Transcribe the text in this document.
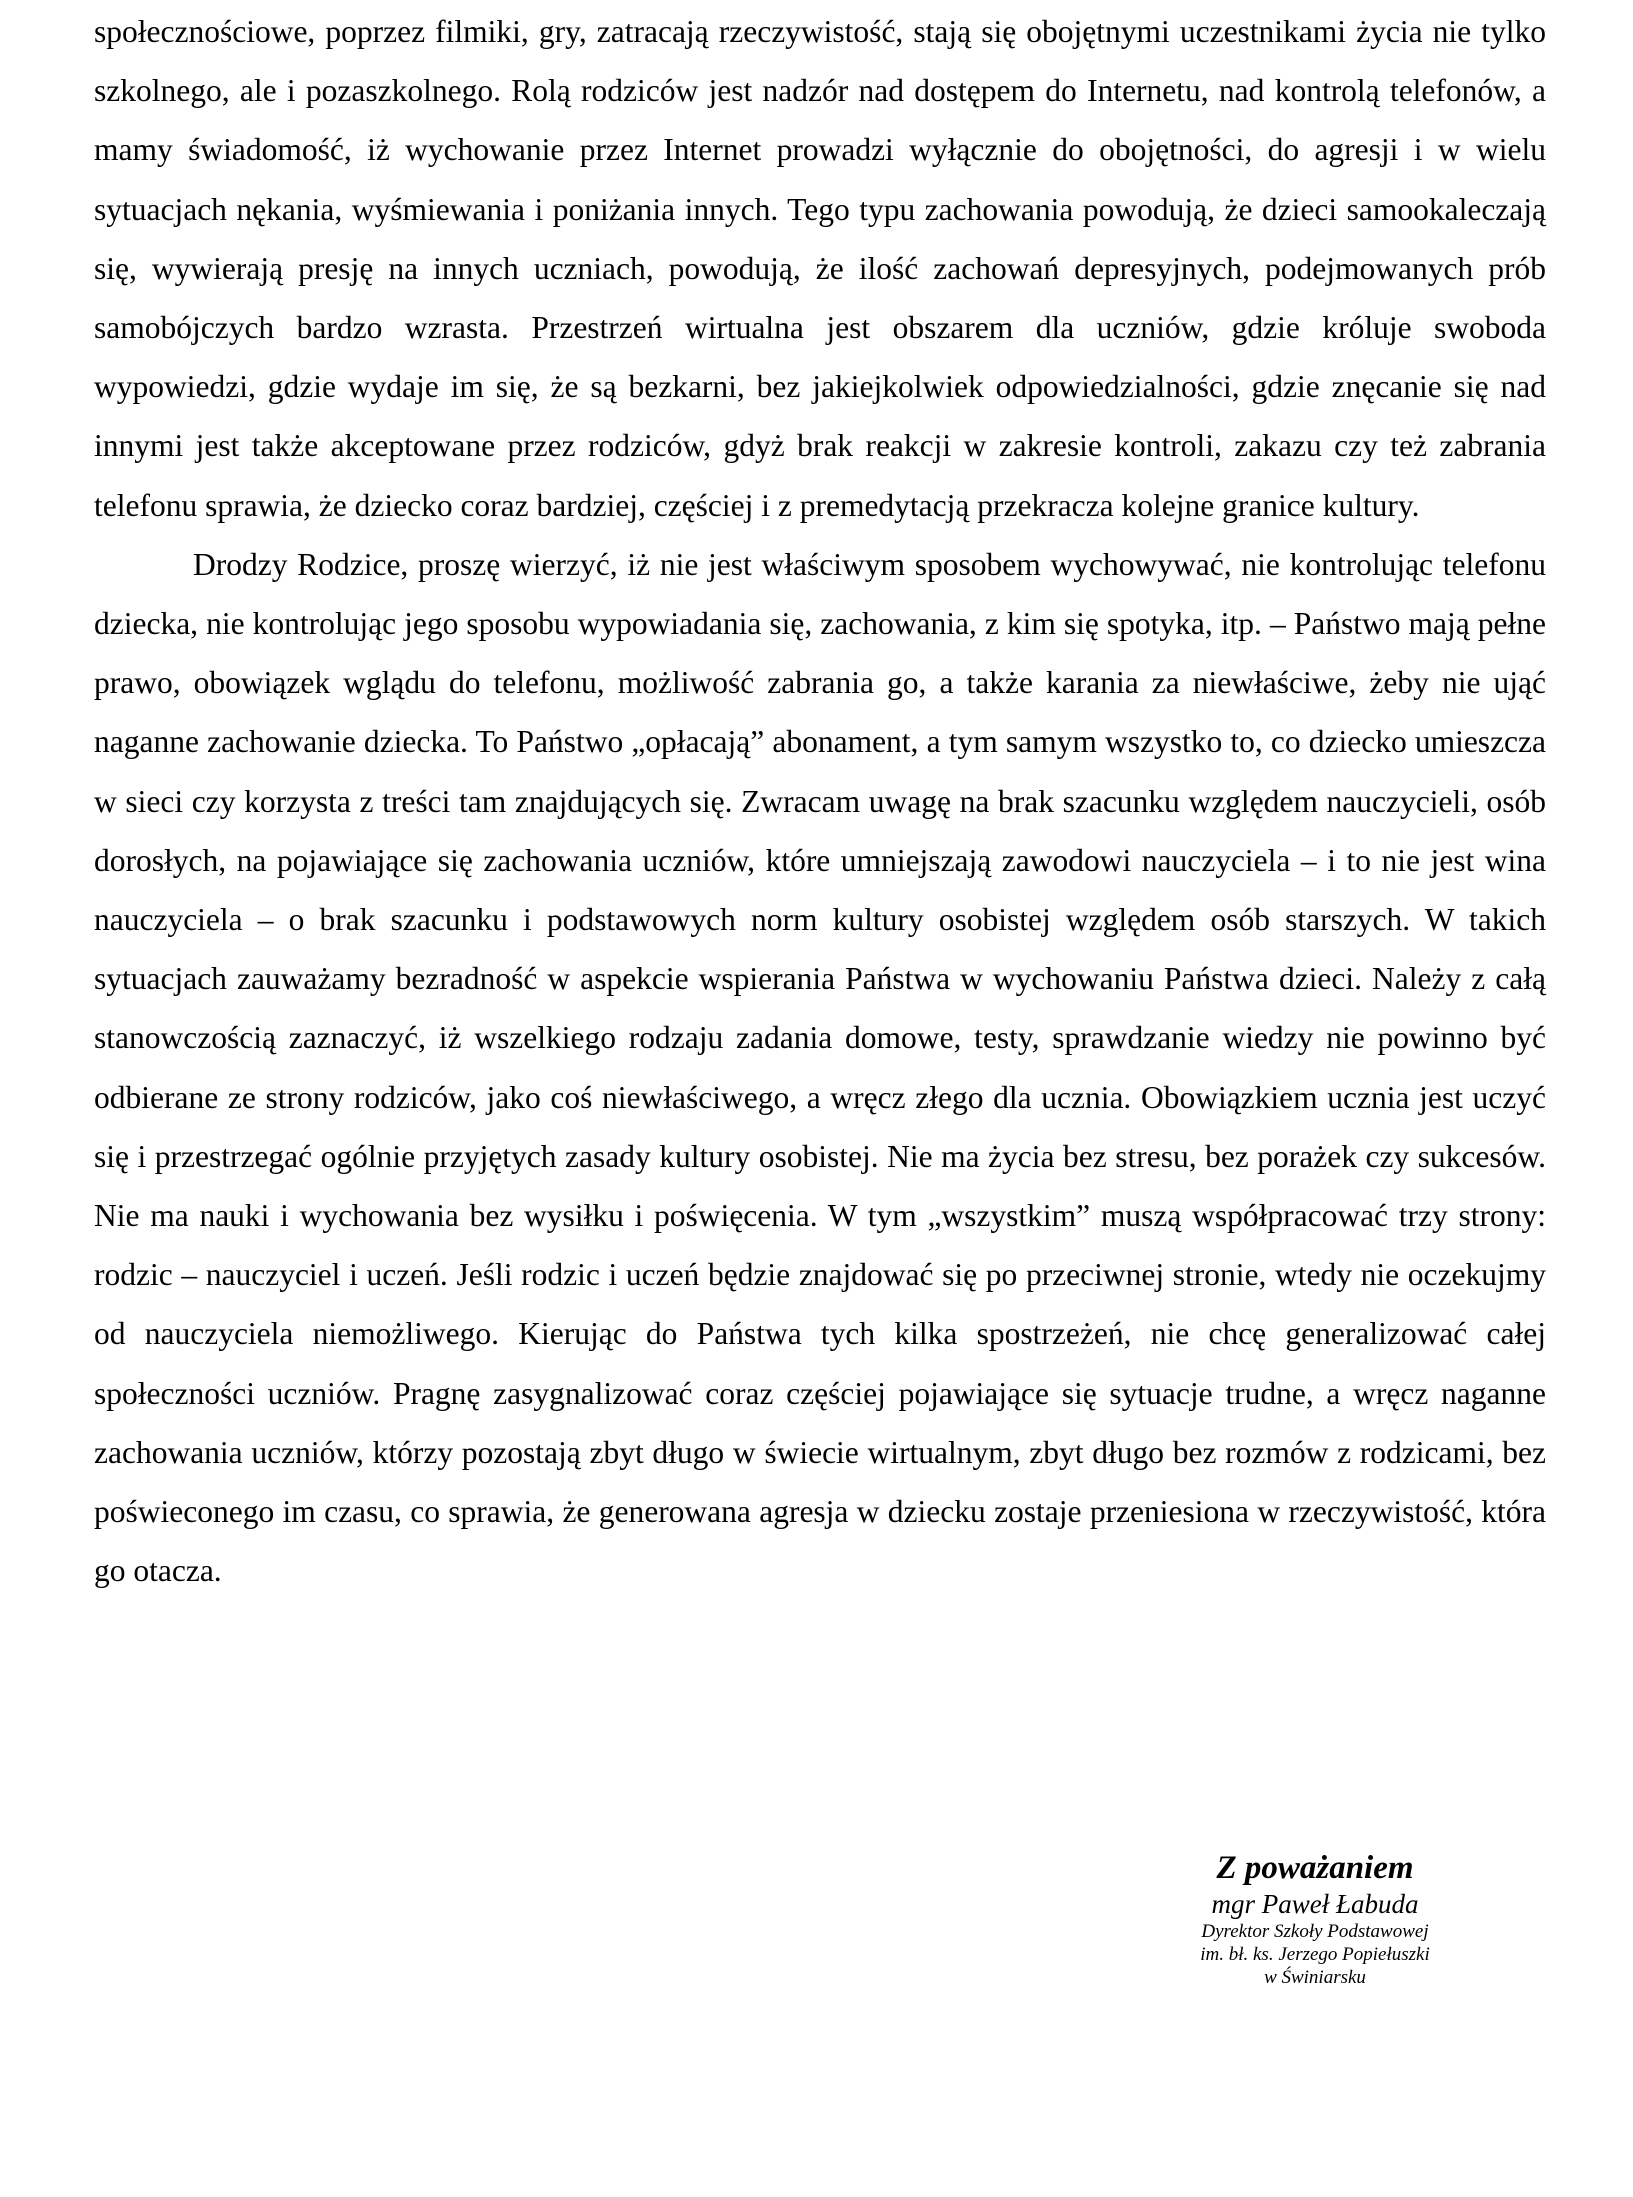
społecznościowe, poprzez filmiki, gry, zatracają rzeczywistość, stają się obojętnymi uczestnikami życia nie tylko szkolnego, ale i pozaszkolnego. Rolą rodziców jest nadzór nad dostępem do Internetu, nad kontrolą telefonów, a mamy świadomość, iż wychowanie przez Internet prowadzi wyłącznie do obojętności, do agresji i w wielu sytuacjach nękania, wyśmiewania i poniżania innych. Tego typu zachowania powodują, że dzieci samookaleczają się, wywierają presję na innych uczniach, powodują, że ilość zachowań depresyjnych, podejmowanych prób samobójczych bardzo wzrasta. Przestrzeń wirtualna jest obszarem dla uczniów, gdzie króluje swoboda wypowiedzi, gdzie wydaje im się, że są bezkarni, bez jakiejkolwiek odpowiedzialności, gdzie znęcanie się nad innymi jest także akceptowane przez rodziców, gdyż brak reakcji w zakresie kontroli, zakazu czy też zabrania telefonu sprawia, że dziecko coraz bardziej, częściej i z premedytacją przekracza kolejne granice kultury.

Drodzy Rodzice, proszę wierzyć, iż nie jest właściwym sposobem wychowywać, nie kontrolując telefonu dziecka, nie kontrolując jego sposobu wypowiadania się, zachowania, z kim się spotyka, itp. – Państwo mają pełne prawo, obowiązek wglądu do telefonu, możliwość zabrania go, a także karania za niewłaściwe, żeby nie ująć naganne zachowanie dziecka. To Państwo „opłacają” abonament, a tym samym wszystko to, co dziecko umieszcza w sieci czy korzysta z treści tam znajdujących się. Zwracam uwagę na brak szacunku względem nauczycieli, osób dorosłych, na pojawiające się zachowania uczniów, które umniejszają zawodowi nauczyciela – i to nie jest wina nauczyciela – o brak szacunku i podstawowych norm kultury osobistej względem osób starszych. W takich sytuacjach zauważamy bezradność w aspekcie wspierania Państwa w wychowaniu Państwa dzieci. Należy z całą stanowczością zaznaczyć, iż wszelkiego rodzaju zadania domowe, testy, sprawdzanie wiedzy nie powinno być odbierane ze strony rodziców, jako coś niewłaściwego, a wręcz złego dla ucznia. Obowiązkiem ucznia jest uczyć się i przestrzegać ogólnie przyjętych zasady kultury osobistej. Nie ma życia bez stresu, bez porażek czy sukcesów. Nie ma nauki i wychowania bez wysiłku i poświęcenia. W tym „wszystkim” muszą współpracować trzy strony: rodzic – nauczyciel i uczeń. Jeśli rodzic i uczeń będzie znajdować się po przeciwnej stronie, wtedy nie oczekujmy od nauczyciela niemożliwego. Kierując do Państwa tych kilka spostrzeżeń, nie chcę generalizować całej społeczności uczniów. Pragnę zasygnalizować coraz częściej pojawiające się sytuacje trudne, a wręcz naganne zachowania uczniów, którzy pozostają zbyt długo w świecie wirtualnym, zbyt długo bez rozmów z rodzicami, bez poświeconego im czasu, co sprawia, że generowana agresja w dziecku zostaje przeniesiona w rzeczywistość, która go otacza.

Z poważaniem
mgr Paweł Łabuda
Dyrektor Szkoły Podstawowej
im. bł. ks. Jerzego Popiełuszki
w Świniarsku
